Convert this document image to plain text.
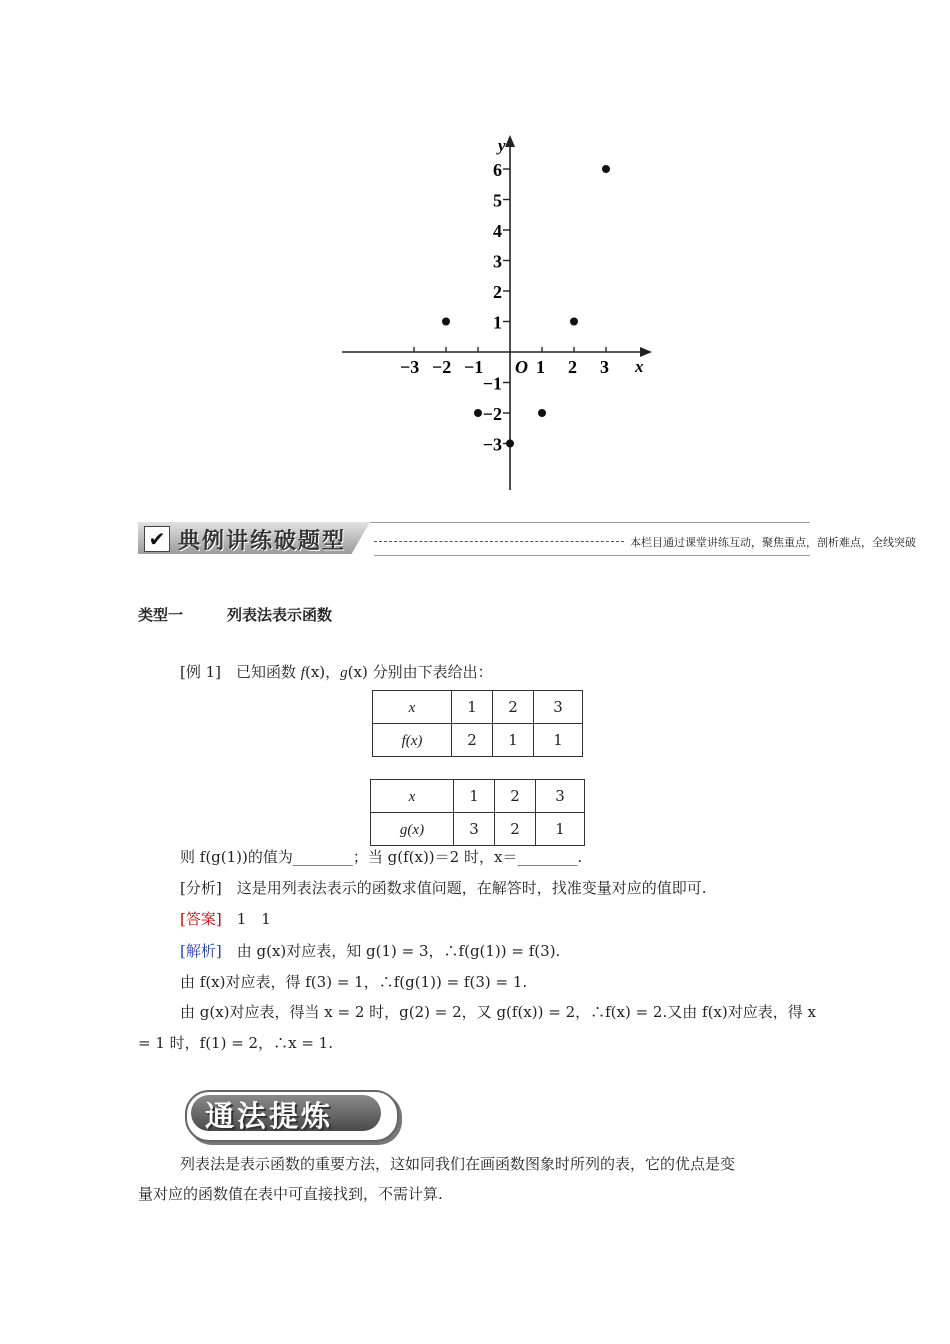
y
x
O
−3 −2 −1	1 2 3
6
5
4
3
2
1
−1
−2
−3
✔ 典例讲练破题型	本栏目通过课堂讲练互动，聚焦重点，剖析难点，全线突破
类型一	列表法表示函数
[例 1]　已知函数 f(x)，g(x) 分别由下表给出：
x	1	2	3
f(x)	2	1	1
x	1	2	3
g(x)	3	2	1
则 f(g(1))的值为________；当 g(f(x))＝2 时，x＝________.
[分析]　 这是用列表法表示的函数求值问题，在解答时，找准变量对应的值即可.
[答案]　 1　1
[解析]　 由 g(x)对应表，知 g(1) = 3，∴f(g(1)) = f(3).
由 f(x)对应表，得 f(3) = 1，∴f(g(1)) = f(3) = 1.
由 g(x)对应表，得当 x = 2 时，g(2) = 2，又 g(f(x)) = 2，∴f(x) = 2.又由 f(x)对应表，得 x
= 1 时，f(1) = 2，∴x = 1.
通法提炼
列表法是表示函数的重要方法，这如同我们在画函数图象时所列的表，它的优点是变
量对应的函数值在表中可直接找到，不需计算.
